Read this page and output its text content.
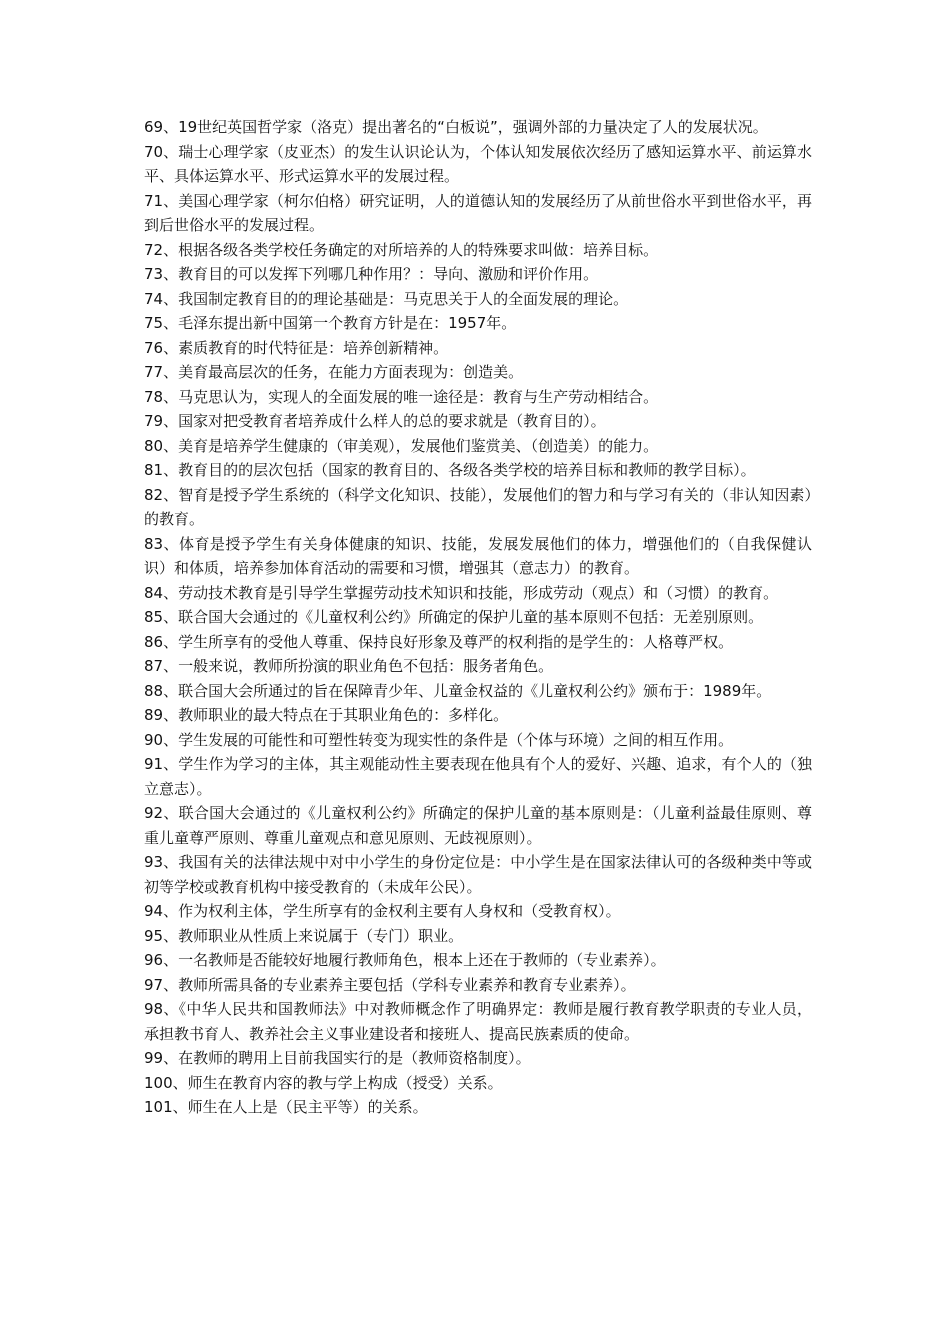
69、19世纪英国哲学家（洛克）提出著名的“白板说”，强调外部的力量决定了人的发展状况。

70、瑞士心理学家（皮亚杰）的发生认识论认为，个体认知发展依次经历了感知运算水平、前运算水平、具体运算水平、形式运算水平的发展过程。

71、美国心理学家（柯尔伯格）研究证明，人的道德认知的发展经历了从前世俗水平到世俗水平，再到后世俗水平的发展过程。

72、根据各级各类学校任务确定的对所培养的人的特殊要求叫做：培养目标。

73、教育目的可以发挥下列哪几种作用？：导向、激励和评价作用。

74、我国制定教育目的的理论基础是：马克思关于人的全面发展的理论。

75、毛泽东提出新中国第一个教育方针是在：1957年。

76、素质教育的时代特征是：培养创新精神。

77、美育最高层次的任务，在能力方面表现为：创造美。

78、马克思认为，实现人的全面发展的唯一途径是：教育与生产劳动相结合。

79、国家对把受教育者培养成什么样人的总的要求就是（教育目的）。

80、美育是培养学生健康的（审美观），发展他们鉴赏美、（创造美）的能力。

81、教育目的的层次包括（国家的教育目的、各级各类学校的培养目标和教师的教学目标）。

82、智育是授予学生系统的（科学文化知识、技能），发展他们的智力和与学习有关的（非认知因素）的教育。

83、体育是授予学生有关身体健康的知识、技能，发展发展他们的体力，增强他们的（自我保健认识）和体质，培养参加体育活动的需要和习惯，增强其（意志力）的教育。

84、劳动技术教育是引导学生掌握劳动技术知识和技能，形成劳动（观点）和（习惯）的教育。

85、联合国大会通过的《儿童权利公约》所确定的保护儿童的基本原则不包括：无差别原则。

86、学生所享有的受他人尊重、保持良好形象及尊严的权利指的是学生的：人格尊严权。

87、一般来说，教师所扮演的职业角色不包括：服务者角色。

88、联合国大会所通过的旨在保障青少年、儿童金权益的《儿童权利公约》颁布于：1989年。

89、教师职业的最大特点在于其职业角色的：多样化。

90、学生发展的可能性和可塑性转变为现实性的条件是（个体与环境）之间的相互作用。

91、学生作为学习的主体，其主观能动性主要表现在他具有个人的爱好、兴趣、追求，有个人的（独立意志）。

92、联合国大会通过的《儿童权利公约》所确定的保护儿童的基本原则是：（儿童利益最佳原则、尊重儿童尊严原则、尊重儿童观点和意见原则、无歧视原则）。

93、我国有关的法律法规中对中小学生的身份定位是：中小学生是在国家法律认可的各级种类中等或初等学校或教育机构中接受教育的（未成年公民）。

94、作为权利主体，学生所享有的金权利主要有人身权和（受教育权）。

95、教师职业从性质上来说属于（专门）职业。

96、一名教师是否能较好地履行教师角色，根本上还在于教师的（专业素养）。

97、教师所需具备的专业素养主要包括（学科专业素养和教育专业素养）。

98、《中华人民共和国教师法》中对教师概念作了明确界定：教师是履行教育教学职责的专业人员，承担教书育人、教养社会主义事业建设者和接班人、提高民族素质的使命。

99、在教师的聘用上目前我国实行的是（教师资格制度）。

100、师生在教育内容的教与学上构成（授受）关系。

101、师生在人上是（民主平等）的关系。
